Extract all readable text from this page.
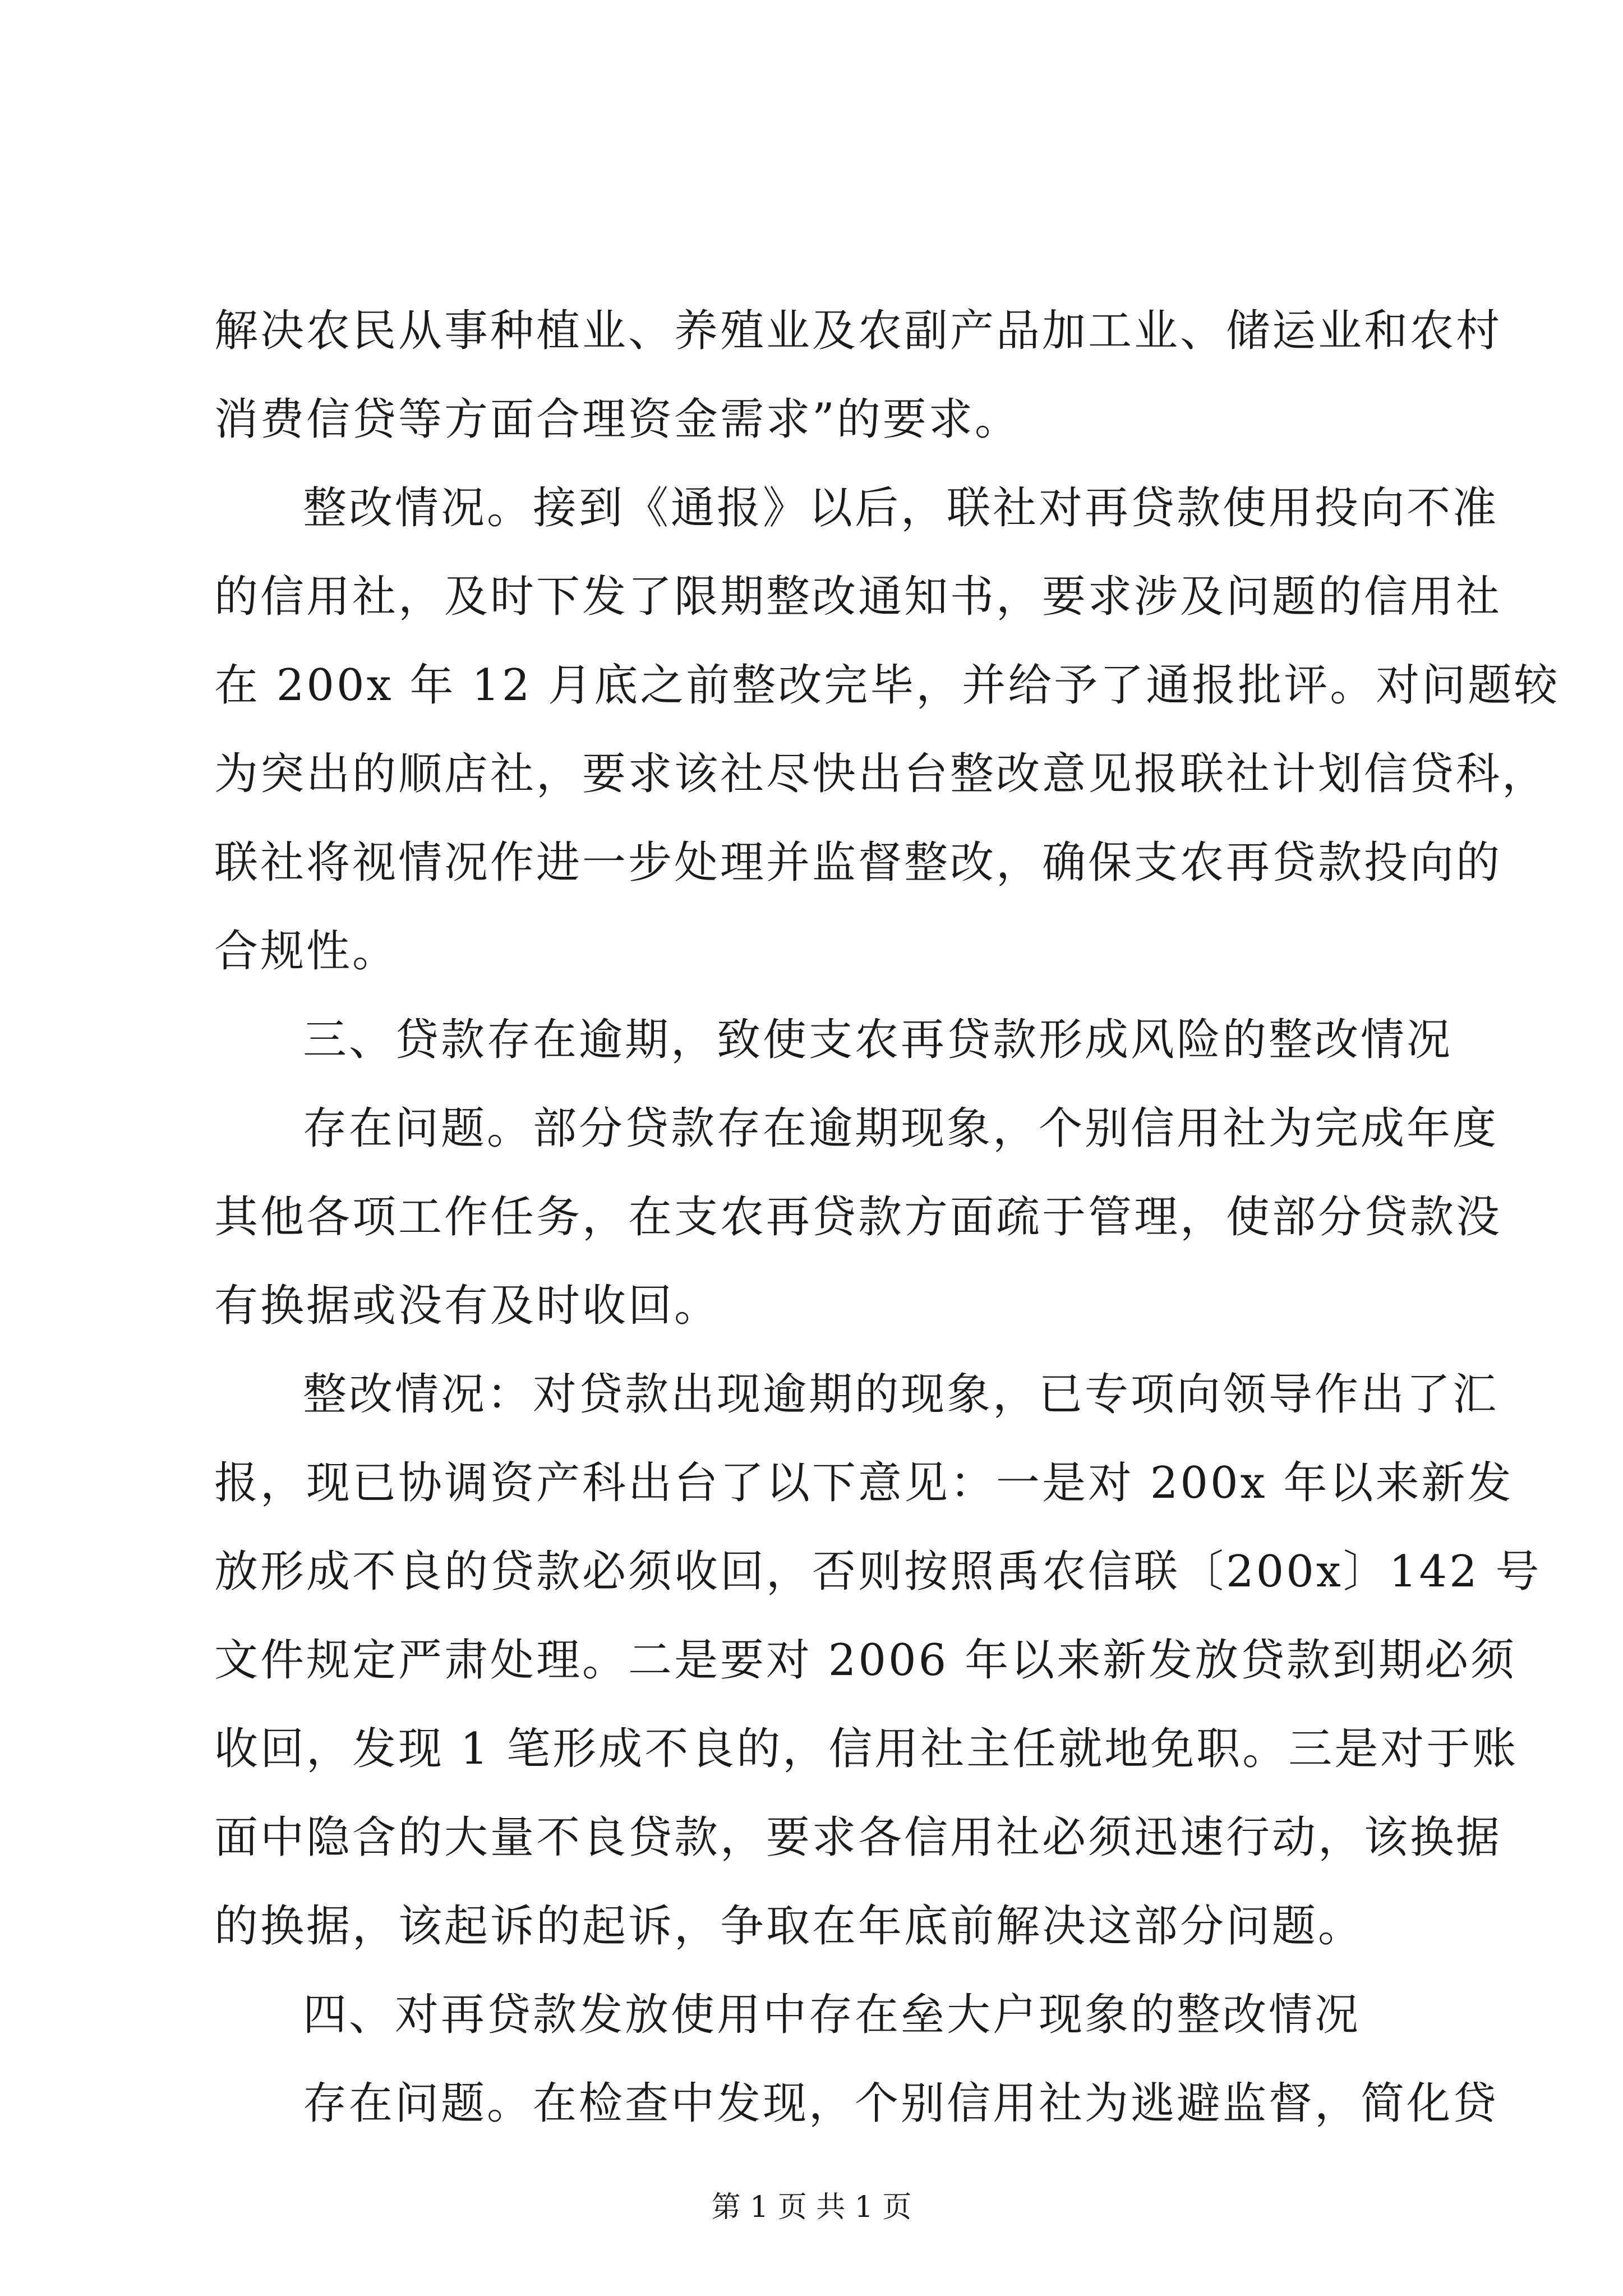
解决农民从事种植业、养殖业及农副产品加工业、储运业和农村
消费信贷等方面合理资金需求”的要求。
整改情况。接到《通报》以后，联社对再贷款使用投向不准
的信用社，及时下发了限期整改通知书，要求涉及问题的信用社
在 200x 年 12 月底之前整改完毕，并给予了通报批评。对问题较
为突出的顺店社，要求该社尽快出台整改意见报联社计划信贷科，
联社将视情况作进一步处理并监督整改，确保支农再贷款投向的
合规性。
三、贷款存在逾期，致使支农再贷款形成风险的整改情况
存在问题。部分贷款存在逾期现象，个别信用社为完成年度
其他各项工作任务，在支农再贷款方面疏于管理，使部分贷款没
有换据或没有及时收回。
整改情况：对贷款出现逾期的现象，已专项向领导作出了汇
报，现已协调资产科出台了以下意见：一是对 200x 年以来新发
放形成不良的贷款必须收回，否则按照禹农信联〔200x〕142 号
文件规定严肃处理。二是要对 2006 年以来新发放贷款到期必须
收回，发现 1 笔形成不良的，信用社主任就地免职。三是对于账
面中隐含的大量不良贷款，要求各信用社必须迅速行动，该换据
的换据，该起诉的起诉，争取在年底前解决这部分问题。
四、对再贷款发放使用中存在垒大户现象的整改情况
存在问题。在检查中发现，个别信用社为逃避监督，简化贷
第 1 页 共 1 页
